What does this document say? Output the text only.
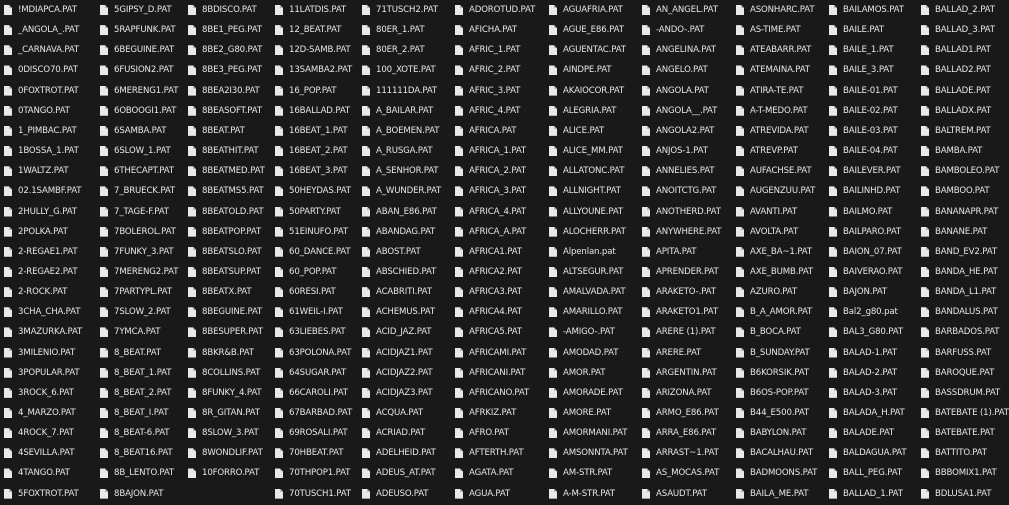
!MDIAPCA.PAT
_ANGOLA_.PAT
_CARNAVA.PAT
0DISCO70.PAT
0FOXTROT.PAT
0TANGO.PAT
1_PIMBAC.PAT
1BOSSA_1.PAT
1WALTZ.PAT
02.1SAMBF.PAT
2HULLY_G.PAT
2POLKA.PAT
2-REGAE1.PAT
2-REGAE2.PAT
2-ROCK.PAT
3CHA_CHA.PAT
3MAZURKA.PAT
3MILENIO.PAT
3POPULAR.PAT
3ROCK_6.PAT
4_MARZO.PAT
4ROCK_7.PAT
4SEVILLA.PAT
4TANGO.PAT
5FOXTROT.PAT
5GIPSY_D.PAT
5RAPFUNK.PAT
6BEGUINE.PAT
6FUSION2.PAT
6MERENG1.PAT
6OBOOGI1.PAT
6SAMBA.PAT
6SLOW_1.PAT
6THECAPT.PAT
7_BRUECK.PAT
7_TAGE-F.PAT
7BOLEROL.PAT
7FUNKY_3.PAT
7MERENG2.PAT
7PARTYPL.PAT
7SLOW_2.PAT
7YMCA.PAT
8_BEAT.PAT
8_BEAT_1.PAT
8_BEAT_2.PAT
8_BEAT_I.PAT
8_BEAT-6.PAT
8_BEAT16.PAT
8B_LENTO.PAT
8BAJON.PAT
8BDISCO.PAT
8BE1_PEG.PAT
8BE2_G80.PAT
8BE3_PEG.PAT
8BEA2I30.PAT
8BEASOFT.PAT
8BEAT.PAT
8BEATHIT.PAT
8BEATMED.PAT
8BEATMS5.PAT
8BEATOLD.PAT
8BEATPOP.PAT
8BEATSLO.PAT
8BEATSUP.PAT
8BEATX.PAT
8BEGUINE.PAT
8BESUPER.PAT
8BKR&B.PAT
8COLLINS.PAT
8FUNKY_4.PAT
8R_GITAN.PAT
8SLOW_3.PAT
8WONDLIF.PAT
10FORRO.PAT
11LATDIS.PAT
12_BEAT.PAT
12D-SAMB.PAT
13SAMBA2.PAT
16_POP.PAT
16BALLAD.PAT
16BEAT_1.PAT
16BEAT_2.PAT
16BEAT_3.PAT
50HEYDAS.PAT
50PARTY.PAT
51EINUFO.PAT
60_DANCE.PAT
60_POP.PAT
60RESI.PAT
61WEIL-I.PAT
63LIEBES.PAT
63POLONA.PAT
64SUGAR.PAT
66CAROLI.PAT
67BARBAD.PAT
69ROSALI.PAT
70HBEAT.PAT
70THPOP1.PAT
70TUSCH1.PAT
71TUSCH2.PAT
80ER_1.PAT
80ER_2.PAT
100_XOTE.PAT
111111DA.PAT
A_BAILAR.PAT
A_BOEMEN.PAT
A_RUSGA.PAT
A_SENHOR.PAT
A_WUNDER.PAT
ABAN_E86.PAT
ABANDAG.PAT
ABOST.PAT
ABSCHIED.PAT
ACABRITI.PAT
ACHEMUS.PAT
ACID_JAZ.PAT
ACIDJAZ1.PAT
ACIDJAZ2.PAT
ACIDJAZ3.PAT
ACQUA.PAT
ACRIAD.PAT
ADELHEID.PAT
ADEUS_AT.PAT
ADEUSO.PAT
ADOROTUD.PAT
AFICHA.PAT
AFRIC_1.PAT
AFRIC_2.PAT
AFRIC_3.PAT
AFRIC_4.PAT
AFRICA.PAT
AFRICA_1.PAT
AFRICA_2.PAT
AFRICA_3.PAT
AFRICA_4.PAT
AFRICA_A.PAT
AFRICA1.PAT
AFRICA2.PAT
AFRICA3.PAT
AFRICA4.PAT
AFRICA5.PAT
AFRICAMI.PAT
AFRICANI.PAT
AFRICANO.PAT
AFRKIZ.PAT
AFRO.PAT
AFTERTH.PAT
AGATA.PAT
AGUA.PAT
AGUAFRIA.PAT
AGUE_E86.PAT
AGUENTAC.PAT
AINDPE.PAT
AKAIOCOR.PAT
ALEGRIA.PAT
ALICE.PAT
ALICE_MM.PAT
ALLATONC.PAT
ALLNIGHT.PAT
ALLYOUNE.PAT
ALOCHERR.PAT
Alpenlan.pat
ALTSEGUR.PAT
AMALVADA.PAT
AMARILLO.PAT
-AMIGO-.PAT
AMODAD.PAT
AMOR.PAT
AMORADE.PAT
AMORE.PAT
AMORMANI.PAT
AMSONNTA.PAT
AM-STR.PAT
A-M-STR.PAT
AN_ANGEL.PAT
-ANDO-.PAT
ANGELINA.PAT
ANGELO.PAT
ANGOLA.PAT
ANGOLA__.PAT
ANGOLA2.PAT
ANJOS-1.PAT
ANNELIES.PAT
ANOITCTG.PAT
ANOTHERD.PAT
ANYWHERE.PAT
APITA.PAT
APRENDER.PAT
ARAKETO-.PAT
ARAKETO1.PAT
ARERE (1).PAT
ARERE.PAT
ARGENTIN.PAT
ARIZONA.PAT
ARMO_E86.PAT
ARRA_E86.PAT
ARRAST~1.PAT
AS_MOCAS.PAT
ASAUDT.PAT
ASONHARC.PAT
AS-TIME.PAT
ATEABARR.PAT
ATEMAINA.PAT
ATIRA-TE.PAT
A-T-MEDO.PAT
ATREVIDA.PAT
ATREVP.PAT
AUFACHSE.PAT
AUGENZUU.PAT
AVANTI.PAT
AVOLTA.PAT
AXE_BA~1.PAT
AXE_BUMB.PAT
AZURO.PAT
B_A_AMOR.PAT
B_BOCA.PAT
B_SUNDAY.PAT
B6KORSIK.PAT
B6OS-POP.PAT
B44_E500.PAT
BABYLON.PAT
BACALHAU.PAT
BADMOONS.PAT
BAILA_ME.PAT
BAILAMOS.PAT
BAILE.PAT
BAILE_1.PAT
BAILE_3.PAT
BAILE-01.PAT
BAILE-02.PAT
BAILE-03.PAT
BAILE-04.PAT
BAILEVER.PAT
BAILINHD.PAT
BAILMO.PAT
BAILPARO.PAT
BAION_07.PAT
BAIVERAO.PAT
BAJON.PAT
Bal2_g80.pat
BAL3_G80.PAT
BALAD-1.PAT
BALAD-2.PAT
BALAD-3.PAT
BALADA_H.PAT
BALADE.PAT
BALDAGUA.PAT
BALL_PEG.PAT
BALLAD_1.PAT
BALLAD_2.PAT
BALLAD_3.PAT
BALLAD1.PAT
BALLAD2.PAT
BALLADE.PAT
BALLADX.PAT
BALTREM.PAT
BAMBA.PAT
BAMBOLEO.PAT
BAMBOO.PAT
BANANAPR.PAT
BANANE.PAT
BAND_EV2.PAT
BANDA_HE.PAT
BANDA_L1.PAT
BANDALUS.PAT
BARBADOS.PAT
BARFUSS.PAT
BAROQUE.PAT
BASSDRUM.PAT
BATEBATE (1).PAT
BATEBATE.PAT
BATTITO.PAT
BBBOMIX1.PAT
BDLUSA1.PAT
